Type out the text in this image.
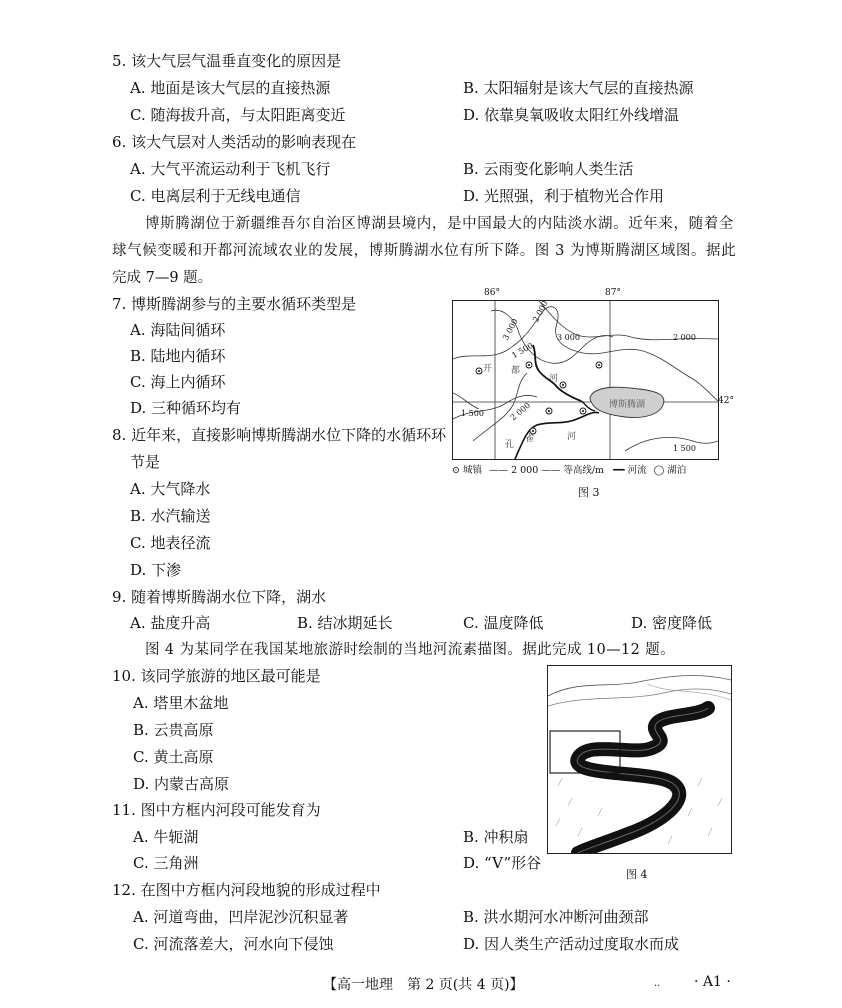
5. 该大气层气温垂直变化的原因是
A. 地面是该大气层的直接热源	B. 太阳辐射是该大气层的直接热源
C. 随海拔升高，与太阳距离变近	D. 依靠臭氧吸收太阳红外线增温
6. 该大气层对人类活动的影响表现在
A. 大气平流运动利于飞机飞行	B. 云雨变化影响人类生活
C. 电离层利于无线电通信	D. 光照强，利于植物光合作用
博斯腾湖位于新疆维吾尔自治区博湖县境内，是中国最大的内陆淡水湖。近年来，随着全
球气候变暖和开都河流域农业的发展，博斯腾湖水位有所下降。图 3 为博斯腾湖区域图。据此
完成 7—9 题。
7. 博斯腾湖参与的主要水循环类型是
A. 海陆间循环
B. 陆地内循环
C. 海上内循环
D. 三种循环均有
8. 近年来，直接影响博斯腾湖水位下降的水循环环
节是
A. 大气降水
B. 水汽输送
C. 地表径流
D. 下渗
9. 随着博斯腾湖水位下降，湖水
A. 盐度升高	B. 结冰期延长	C. 温度降低	D. 密度降低
图 4 为某同学在我国某地旅游时绘制的当地河流素描图。据此完成 10—12 题。
10. 该同学旅游的地区最可能是
A. 塔里木盆地
B. 云贵高原
C. 黄土高原
D. 内蒙古高原
11. 图中方框内河段可能发育为
A. 牛轭湖	B. 冲积扇
C. 三角洲	D. “V”形谷
12. 在图中方框内河段地貌的形成过程中
A. 河道弯曲，凹岸泥沙沉积显著	B. 洪水期河水冲断河曲颈部
C. 河流落差大，河水向下侵蚀	D. 因人类生产活动过度取水而成
86°	87°
42°
3 000
2 000
3 000	2 000
1 500
1 500	2 000
1 500
开 都
河
孔
雀	河
博斯腾湖
⊙ 城镇 —— 2 000 —— 等高线/m ━━ 河流 ◯ 湖泊
图 3
图 4
【高一地理　第 2 页(共 4 页)】	.. · A1 ·
